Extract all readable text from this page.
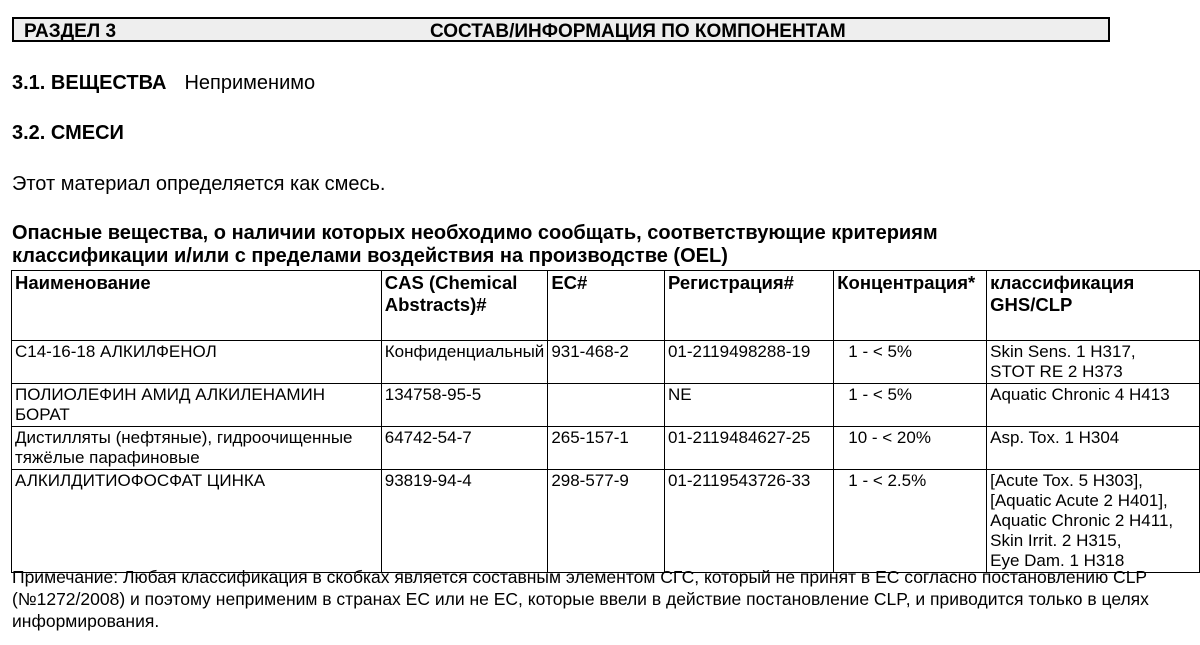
РАЗДЕЛ 3	СОСТАВ/ИНФОРМАЦИЯ ПО КОМПОНЕНТАМ
3.1. ВЕЩЕСТВА Неприменимо
3.2. СМЕСИ
Этот материал определяется как смесь.
Опасные вещества, о наличии которых необходимо сообщать, соответствующие критериям
классификации и/или с пределами воздействия на производстве (OEL)
Наименование	CAS (Chemical Abstracts)#	EC#	Регистрация#	Концентрация*	классификация GHS/CLP
C14-16-18 АЛКИЛФЕНОЛ	Конфиденциальный	931-468-2	01-2119498288-19	1 - < 5%	Skin Sens. 1 H317,
STOT RE 2 H373

ПОЛИОЛЕФИН АМИД АЛКИЛЕНАМИН БОРАТ	134758-95-5		NE	1 - < 5%	Aquatic Chronic 4 H413

Дистилляты (нефтяные), гидроочищенные тяжёлые парафиновые	64742-54-7	265-157-1	01-2119484627-25	10 - < 20%	Asp. Tox. 1 H304

АЛКИЛДИТИОФОСФАТ ЦИНКА	93819-94-4	298-577-9	01-2119543726-33	1 - < 2.5%	[Acute Tox. 5 H303],
[Aquatic Acute 2 H401],
Aquatic Chronic 2 H411,
Skin Irrit. 2 H315,
Eye Dam. 1 H318
Примечание: Любая классификация в скобках является составным элементом СГС, который не принят в ЕС согласно постановлению CLP (№1272/2008) и поэтому неприменим в странах ЕС или не ЕС, которые ввели в действие постановление CLP, и приводится только в целях информирования.
